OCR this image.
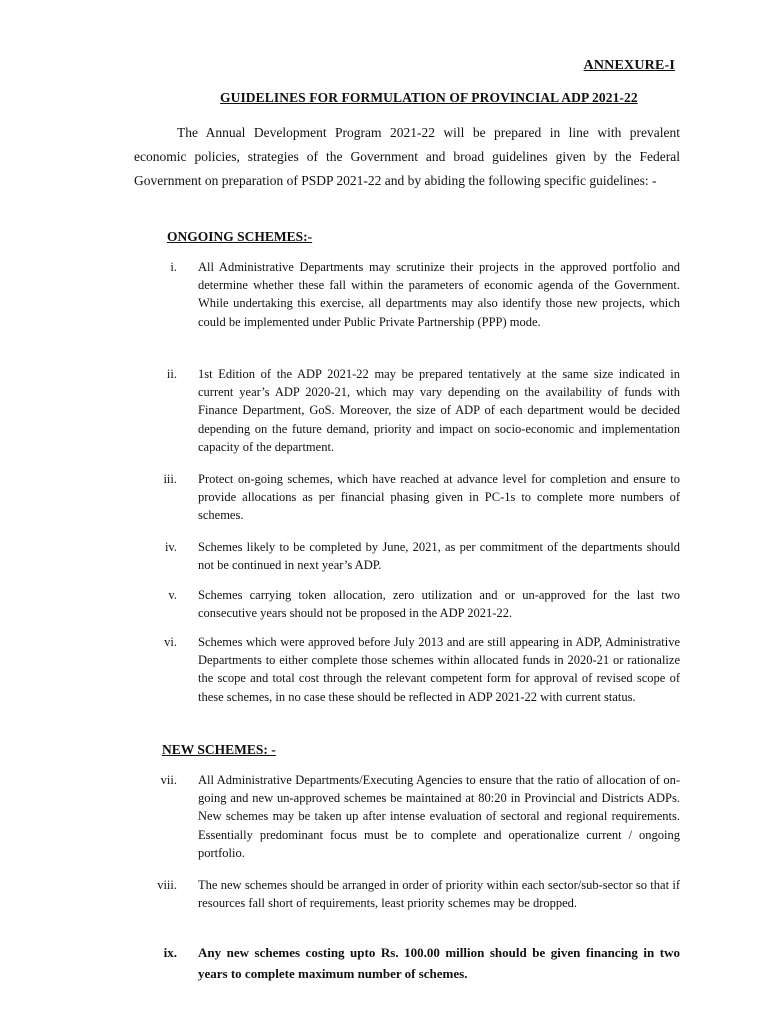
ANNEXURE-I
GUIDELINES FOR FORMULATION OF PROVINCIAL ADP 2021-22
The Annual Development Program 2021-22 will be prepared in line with prevalent economic policies, strategies of the Government and broad guidelines given by the Federal Government on preparation of PSDP 2021-22 and by abiding the following specific guidelines: -
ONGOING SCHEMES:-
i. All Administrative Departments may scrutinize their projects in the approved portfolio and determine whether these fall within the parameters of economic agenda of the Government. While undertaking this exercise, all departments may also identify those new projects, which could be implemented under Public Private Partnership (PPP) mode.
ii. 1st Edition of the ADP 2021-22 may be prepared tentatively at the same size indicated in current year’s ADP 2020-21, which may vary depending on the availability of funds with Finance Department, GoS. Moreover, the size of ADP of each department would be decided depending on the future demand, priority and impact on socio-economic and implementation capacity of the department.
iii. Protect on-going schemes, which have reached at advance level for completion and ensure to provide allocations as per financial phasing given in PC-1s to complete more numbers of schemes.
iv. Schemes likely to be completed by June, 2021, as per commitment of the departments should not be continued in next year’s ADP.
v. Schemes carrying token allocation, zero utilization and or un-approved for the last two consecutive years should not be proposed in the ADP 2021-22.
vi. Schemes which were approved before July 2013 and are still appearing in ADP, Administrative Departments to either complete those schemes within allocated funds in 2020-21 or rationalize the scope and total cost through the relevant competent form for approval of revised scope of these schemes, in no case these should be reflected in ADP 2021-22 with current status.
NEW SCHEMES: -
vii. All Administrative Departments/Executing Agencies to ensure that the ratio of allocation of on-going and new un-approved schemes be maintained at 80:20 in Provincial and Districts ADPs. New schemes may be taken up after intense evaluation of sectoral and regional requirements. Essentially predominant focus must be to complete and operationalize current / ongoing portfolio.
viii. The new schemes should be arranged in order of priority within each sector/sub-sector so that if resources fall short of requirements, least priority schemes may be dropped.
ix. Any new schemes costing upto Rs. 100.00 million should be given financing in two years to complete maximum number of schemes.
